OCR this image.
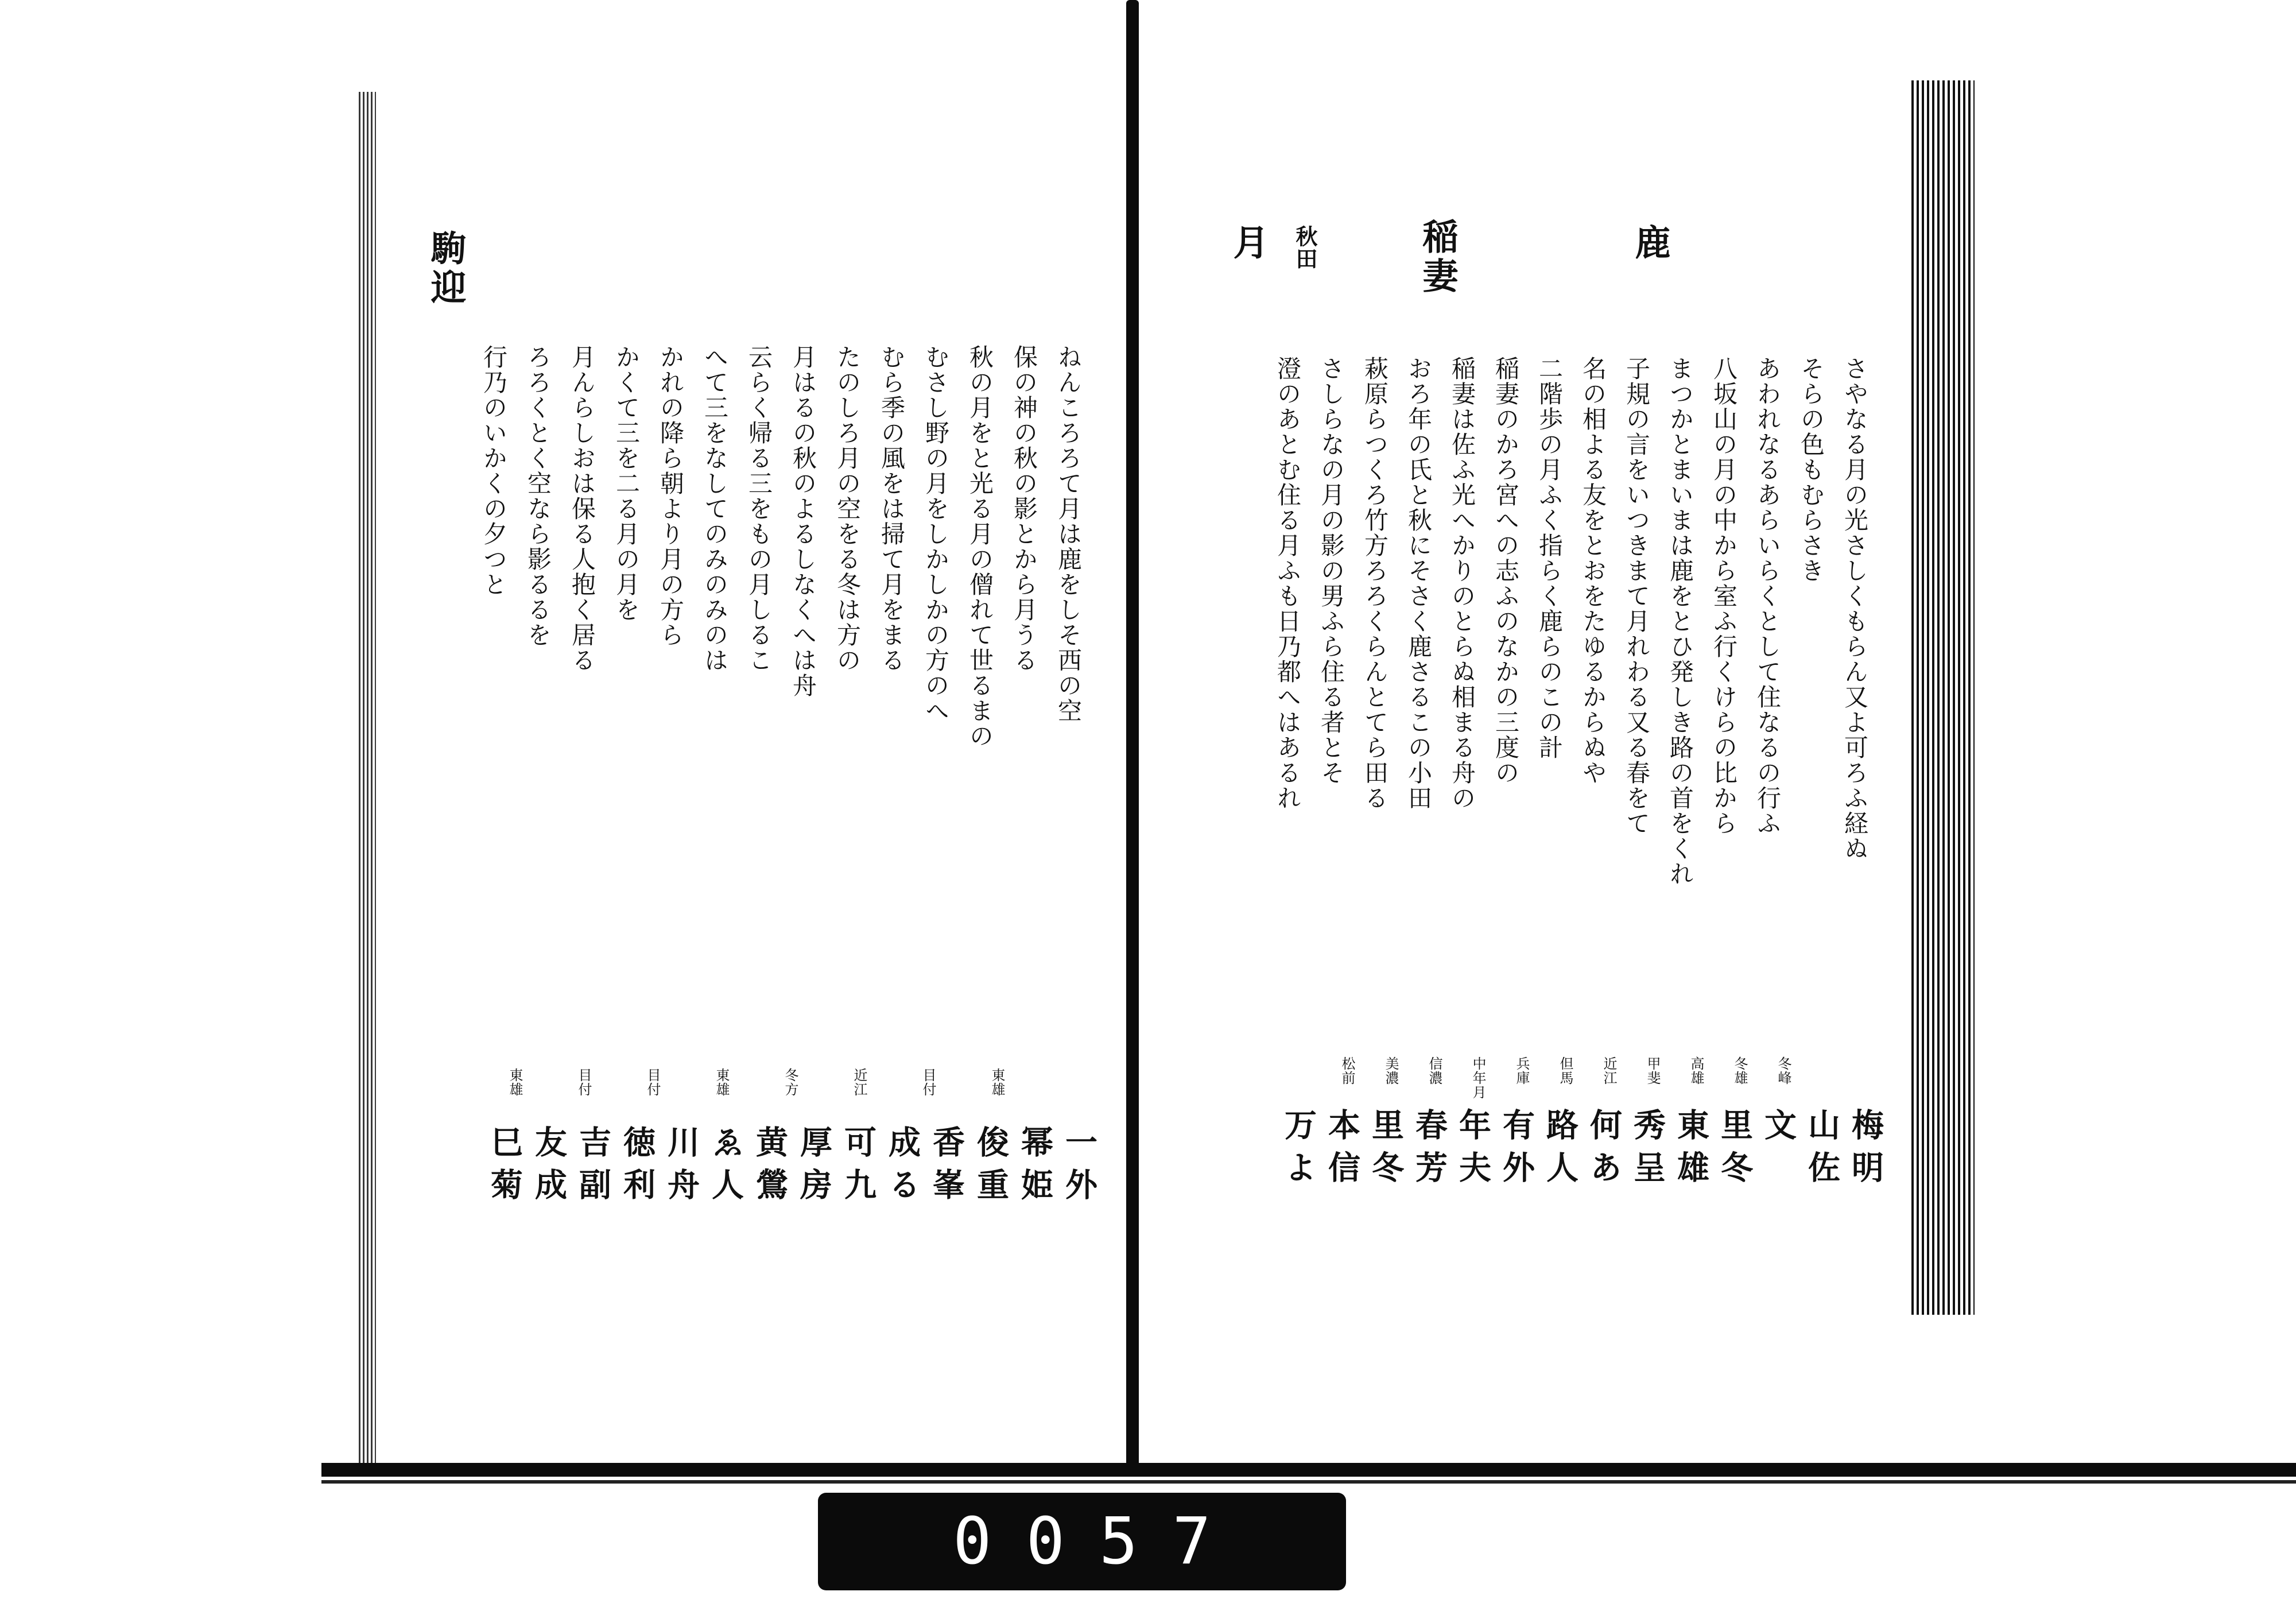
月 秋田	稲妻	鹿
さやなる月の光さしくもらん又よ可ろふ経ぬ
そらの色もむらさき
あわれなるあらいらくとして住なるの行ふ
八坂山の月の中から室ふ行くけらの比から
まつかとまいまは鹿をとひ発しき路の首をくれ
子規の言をいつきまて月れわる又る春をて
名の相よる友をとおをたゆるからぬや
二階歩の月ふく指らく鹿らのこの計
稲妻のかろ宮への志ふのなかの三度の
稲妻は佐ふ光へかりのとらぬ相まる舟の
おろ年の氏と秋にそさく鹿さるこの小田
萩原らつくろ竹方ろろくらんとてら田る
さしらなの月の影の男ふら住る者とそ
澄のあとむ住る月ふも日乃都へはあるれ
梅明
山佐
文
里冬
東雄
秀呈
何あ
路人
有外
年夫
春芳
里冬
本信
万よ
冬峰
冬雄
高雄
甲斐
近江
但馬
兵庫
中年月
信濃
美濃
松前
駒迎
ねんころろて月は鹿をしそ西の空
保の神の秋の影とから月うる
秋の月をと光る月の僧れて世るまの
むさし野の月をしかしかの方のへ
むら季の風をは掃て月をまる
たのしろ月の空をる冬は方の
月はるの秋のよるしなくへは舟
云らく帰る三をもの月しるこ
へて三をなしてのみのみのは
かれの降ら朝より月の方ら
かくて三を二る月の月を
月んらしおは保る人抱く居る
ろろくとく空なら影るるを
行乃のいかくの夕つと
一外
幂姫
俊重
香峯
成る
可九
厚房
黄鶯
ゑ人
川舟
徳利
吉副
友成
巳菊
東雄
目付
近江
冬方
東雄
目付
目付
東雄
0057
